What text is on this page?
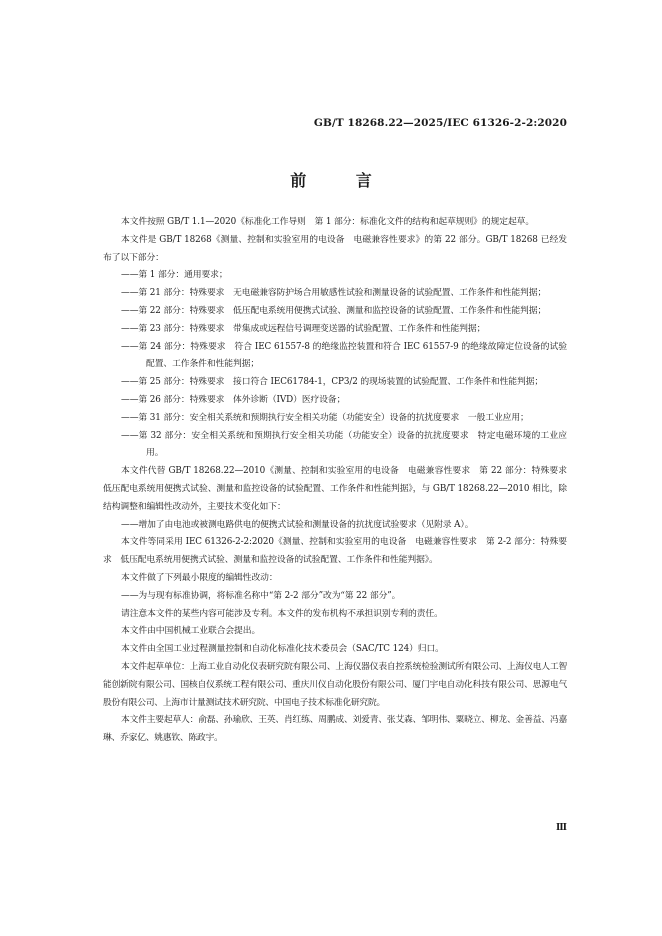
GB/T 18268.22—2025/IEC 61326-2-2:2020
前 言

本文件按照 GB/T 1.1—2020《标准化工作导则　第 1 部分：标准化文件的结构和起草规则》的规定起草。

本文件是 GB/T 18268《测量、控制和实验室用的电设备　电磁兼容性要求》的第 22 部分。GB/T 18268 已经发布了以下部分：

——第 1 部分：通用要求；

——第 21 部分：特殊要求　无电磁兼容防护场合用敏感性试验和测量设备的试验配置、工作条件和性能判据；

——第 22 部分：特殊要求　低压配电系统用便携式试验、测量和监控设备的试验配置、工作条件和性能判据；

——第 23 部分：特殊要求　带集成或远程信号调理变送器的试验配置、工作条件和性能判据；

——第 24 部分：特殊要求　符合 IEC 61557-8 的绝缘监控装置和符合 IEC 61557-9 的绝缘故障定位设备的试验配置、工作条件和性能判据；

——第 25 部分：特殊要求　接口符合 IEC61784-1，CP3/2 的现场装置的试验配置、工作条件和性能判据；

——第 26 部分：特殊要求　体外诊断（IVD）医疗设备；

——第 31 部分：安全相关系统和预期执行安全相关功能（功能安全）设备的抗扰度要求　一般工业应用；

——第 32 部分：安全相关系统和预期执行安全相关功能（功能安全）设备的抗扰度要求　特定电磁环境的工业应用。

本文件代替 GB/T 18268.22—2010《测量、控制和实验室用的电设备　电磁兼容性要求　第 22 部分：特殊要求　低压配电系统用便携式试验、测量和监控设备的试验配置、工作条件和性能判据》，与 GB/T 18268.22—2010 相比，除结构调整和编辑性改动外，主要技术变化如下：

——增加了由电池或被测电路供电的便携式试验和测量设备的抗扰度试验要求（见附录 A）。

本文件等同采用 IEC 61326-2-2:2020《测量、控制和实验室用的电设备　电磁兼容性要求　第 2-2 部分：特殊要求　低压配电系统用便携式试验、测量和监控设备的试验配置、工作条件和性能判据》。

本文件做了下列最小限度的编辑性改动：

——为与现有标准协调，将标准名称中“第 2-2 部分”改为“第 22 部分”。

请注意本文件的某些内容可能涉及专利。本文件的发布机构不承担识别专利的责任。

本文件由中国机械工业联合会提出。

本文件由全国工业过程测量控制和自动化标准化技术委员会（SAC/TC 124）归口。

本文件起草单位：上海工业自动化仪表研究院有限公司、上海仪器仪表自控系统检验测试所有限公司、上海仪电人工智能创新院有限公司、国核自仪系统工程有限公司、重庆川仪自动化股份有限公司、厦门宇电自动化科技有限公司、思源电气股份有限公司、上海市计量测试技术研究院、中国电子技术标准化研究院。

本文件主要起草人：俞磊、孙瑜欣、王英、肖红练、周鹏成、刘爱青、张艾森、邹明伟、粟晓立、柳龙、金善益、冯嘉琳、乔家亿、姚惠钦、陈政宇。

Ⅲ
